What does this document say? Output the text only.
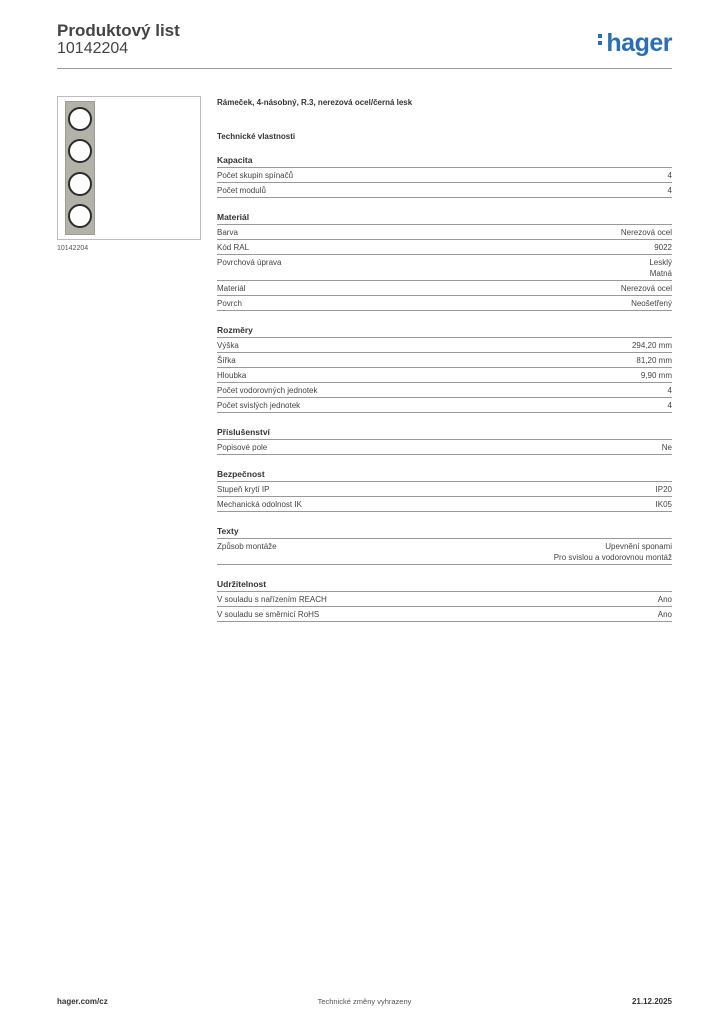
Produktový list
10142204	hager
10142204
Rámeček, 4-násobný, R.3, nerezová ocel/černá lesk
Technické vlastnosti
Kapacita
Počet skupin spínačů	4
Počet modulů	4
Materiál
Barva	Nerezová ocel
Kód RAL	9022
Povrchová úprava	Lesklý
Matná
Materiál	Nerezová ocel
Povrch	Neošetřený
Rozměry
Výška	294,20 mm
Šířka	81,20 mm
Hloubka	9,90 mm
Počet vodorovných jednotek	4
Počet svislých jednotek	4
Příslušenství
Popisové pole	Ne
Bezpečnost
Stupeň krytí IP	IP20
Mechanická odolnost IK	IK05
Texty
Způsob montáže	Upevnění sponami
Pro svislou a vodorovnou montáž
Udržitelnost
V souladu s nařízením REACH	Ano
V souladu se směrnicí RoHS	Ano
hager.com/cz	Technické změny vyhrazeny	21.12.2025
